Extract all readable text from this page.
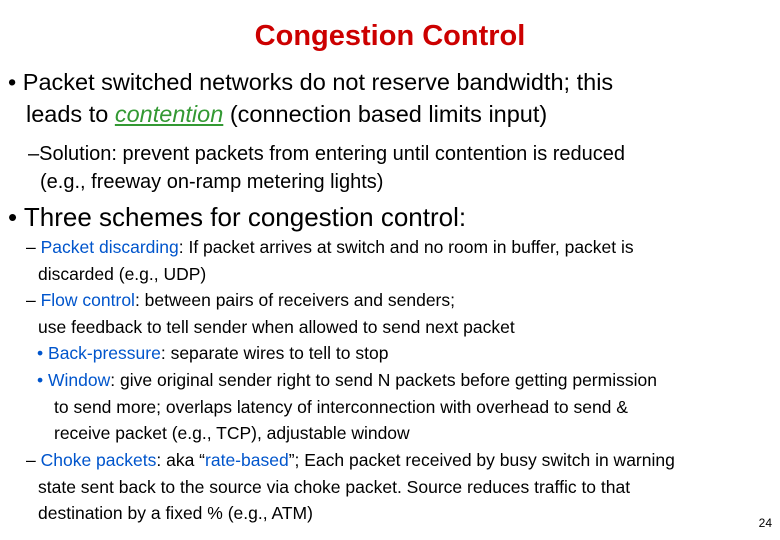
Congestion Control
• Packet switched networks do not reserve bandwidth; this
leads to contention (connection based limits input)
–Solution: prevent packets from entering until contention is reduced
(e.g., freeway on-ramp metering lights)
• Three schemes for congestion control:
– Packet discarding: If packet arrives at switch and no room in buffer, packet is
discarded (e.g., UDP)
– Flow control: between pairs of receivers and senders;
use feedback to tell sender when allowed to send next packet
• Back-pressure: separate wires to tell to stop
• Window: give original sender right to send N packets before getting permission
to send more; overlaps latency of interconnection with overhead to send &
receive packet (e.g., TCP), adjustable window
– Choke packets: aka “rate-based”; Each packet received by busy switch in warning
state sent back to the source via choke packet. Source reduces traffic to that
destination by a fixed % (e.g., ATM)	24
